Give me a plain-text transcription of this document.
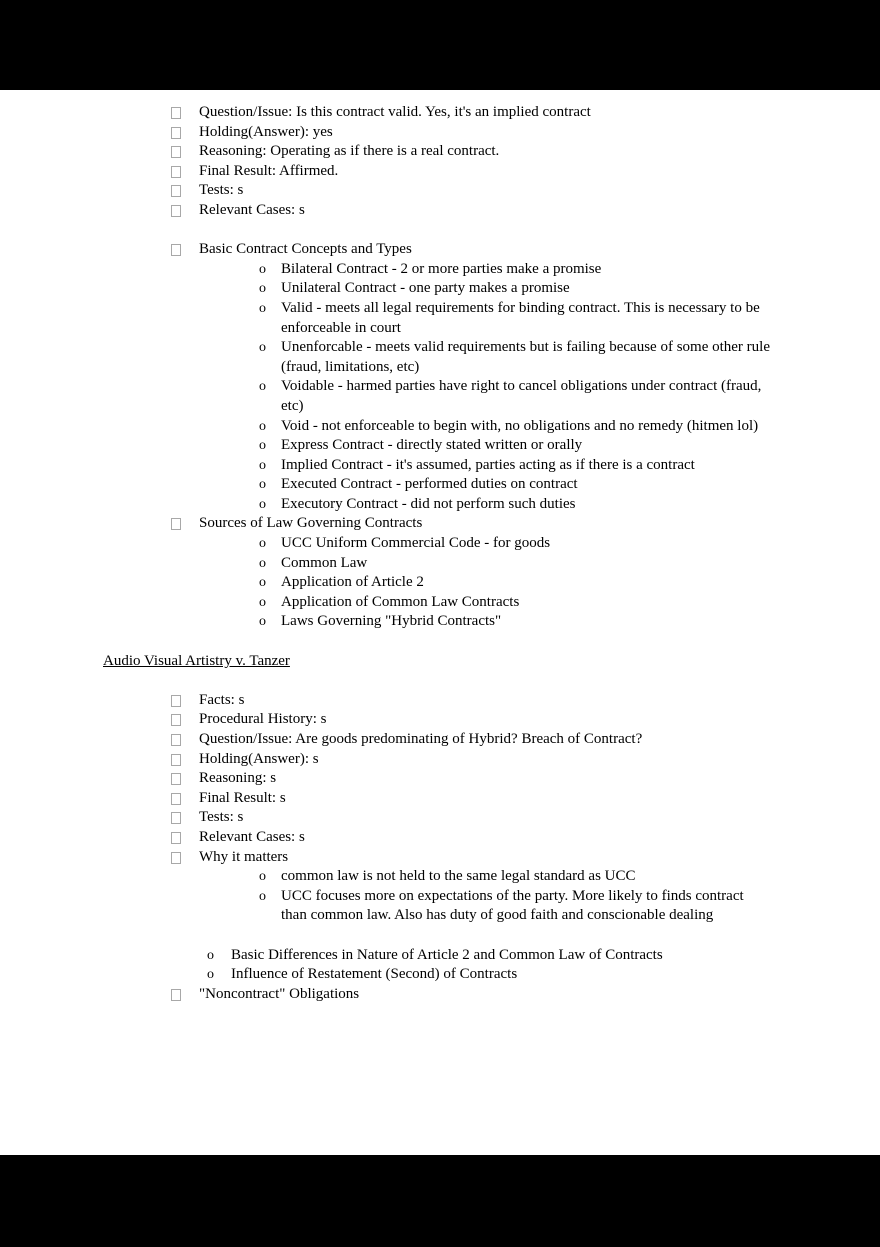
Question/Issue: Is this contract valid. Yes, it's an implied contract
Holding(Answer): yes
Reasoning: Operating as if there is a real contract.
Final Result: Affirmed.
Tests: s
Relevant Cases: s
Basic Contract Concepts and Types
o Bilateral Contract - 2 or more parties make a promise
o Unilateral Contract - one party makes a promise
o Valid - meets all legal requirements for binding contract. This is necessary to be enforceable in court
o Unenforcable - meets valid requirements but is failing because of some other rule (fraud, limitations, etc)
o Voidable - harmed parties have right to cancel obligations under contract (fraud, etc)
o Void - not enforceable to begin with, no obligations and no remedy (hitmen lol)
o Express Contract - directly stated written or orally
o Implied Contract - it's assumed, parties acting as if there is a contract
o Executed Contract - performed duties on contract
o Executory Contract - did not perform such duties
Sources of Law Governing Contracts
o UCC Uniform Commercial Code - for goods
o Common Law
o Application of Article 2
o Application of Common Law Contracts
o Laws Governing "Hybrid Contracts"
Audio Visual Artistry v. Tanzer
Facts: s
Procedural History: s
Question/Issue: Are goods predominating of Hybrid? Breach of Contract?
Holding(Answer): s
Reasoning: s
Final Result: s
Tests: s
Relevant Cases: s
Why it matters
o common law is not held to the same legal standard as UCC
o UCC focuses more on expectations of the party. More likely to finds contract than common law. Also has duty of good faith and conscionable dealing
o Basic Differences in Nature of Article 2 and Common Law of Contracts
o Influence of Restatement (Second) of Contracts
"Noncontract" Obligations
